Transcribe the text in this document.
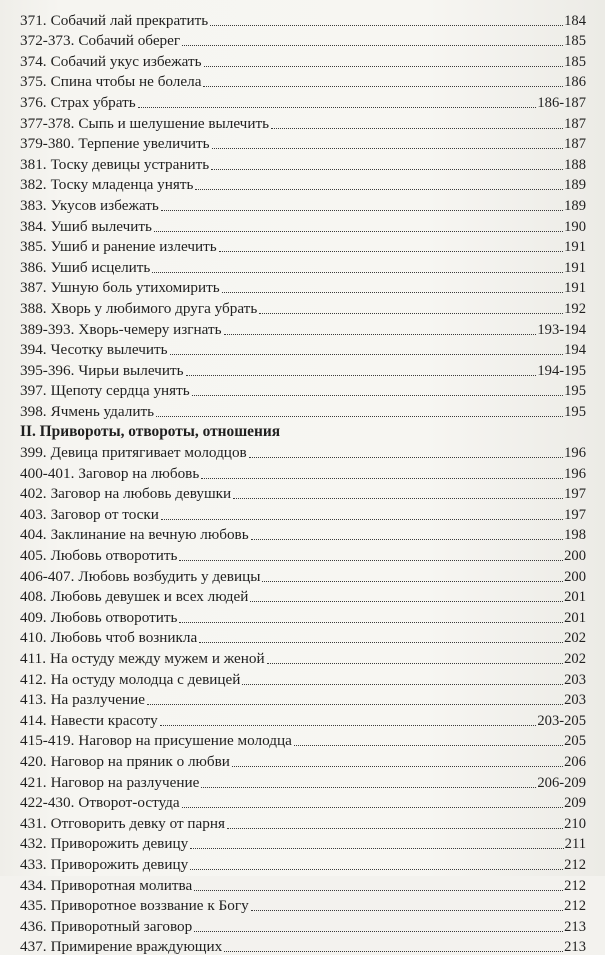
371. Собачий лай прекратить	184
372-373. Собачий оберег	185
374. Собачий укус избежать	185
375. Спина чтобы не болела	186
376. Страх убрать	186-187
377-378. Сыпь и шелушение вылечить	187
379-380. Терпение увеличить	187
381. Тоску девицы устранить	188
382. Тоску младенца унять	189
383. Укусов избежать	189
384. Ушиб вылечить	190
385. Ушиб и ранение излечить	191
386. Ушиб исцелить	191
387. Ушную боль утихомирить	191
388. Хворь у любимого друга убрать	192
389-393. Хворь-чемеру изгнать	193-194
394. Чесотку вылечить	194
395-396. Чирьи вылечить	194-195
397. Щепоту сердца унять	195
398. Ячмень удалить	195
II. Привороты, отвороты, отношения
399. Девица притягивает молодцов	196
400-401. Заговор на любовь	196
402. Заговор на любовь девушки	197
403. Заговор от тоски	197
404. Заклинание на вечную любовь	198
405. Любовь отворотить	200
406-407. Любовь возбудить у девицы	200
408. Любовь девушек и всех людей	201
409. Любовь отворотить	201
410. Любовь чтоб возникла	202
411. На остуду между мужем и женой	202
412. На остуду молодца с девицей	203
413. На разлучение	203
414. Навести красоту	203-205
415-419. Наговор на присушение молодца	205
420. Наговор на пряник о любви	206
421. Наговор на разлучение	206-209
422-430. Отворот-остуда	209
431. Отговорить девку от парня	210
432. Приворожить девицу	211
433. Приворожить девицу	212
434. Приворотная молитва	212
435. Приворотное воззвание к Богу	212
436. Приворотный заговор	213
437. Примирение враждующих	213
